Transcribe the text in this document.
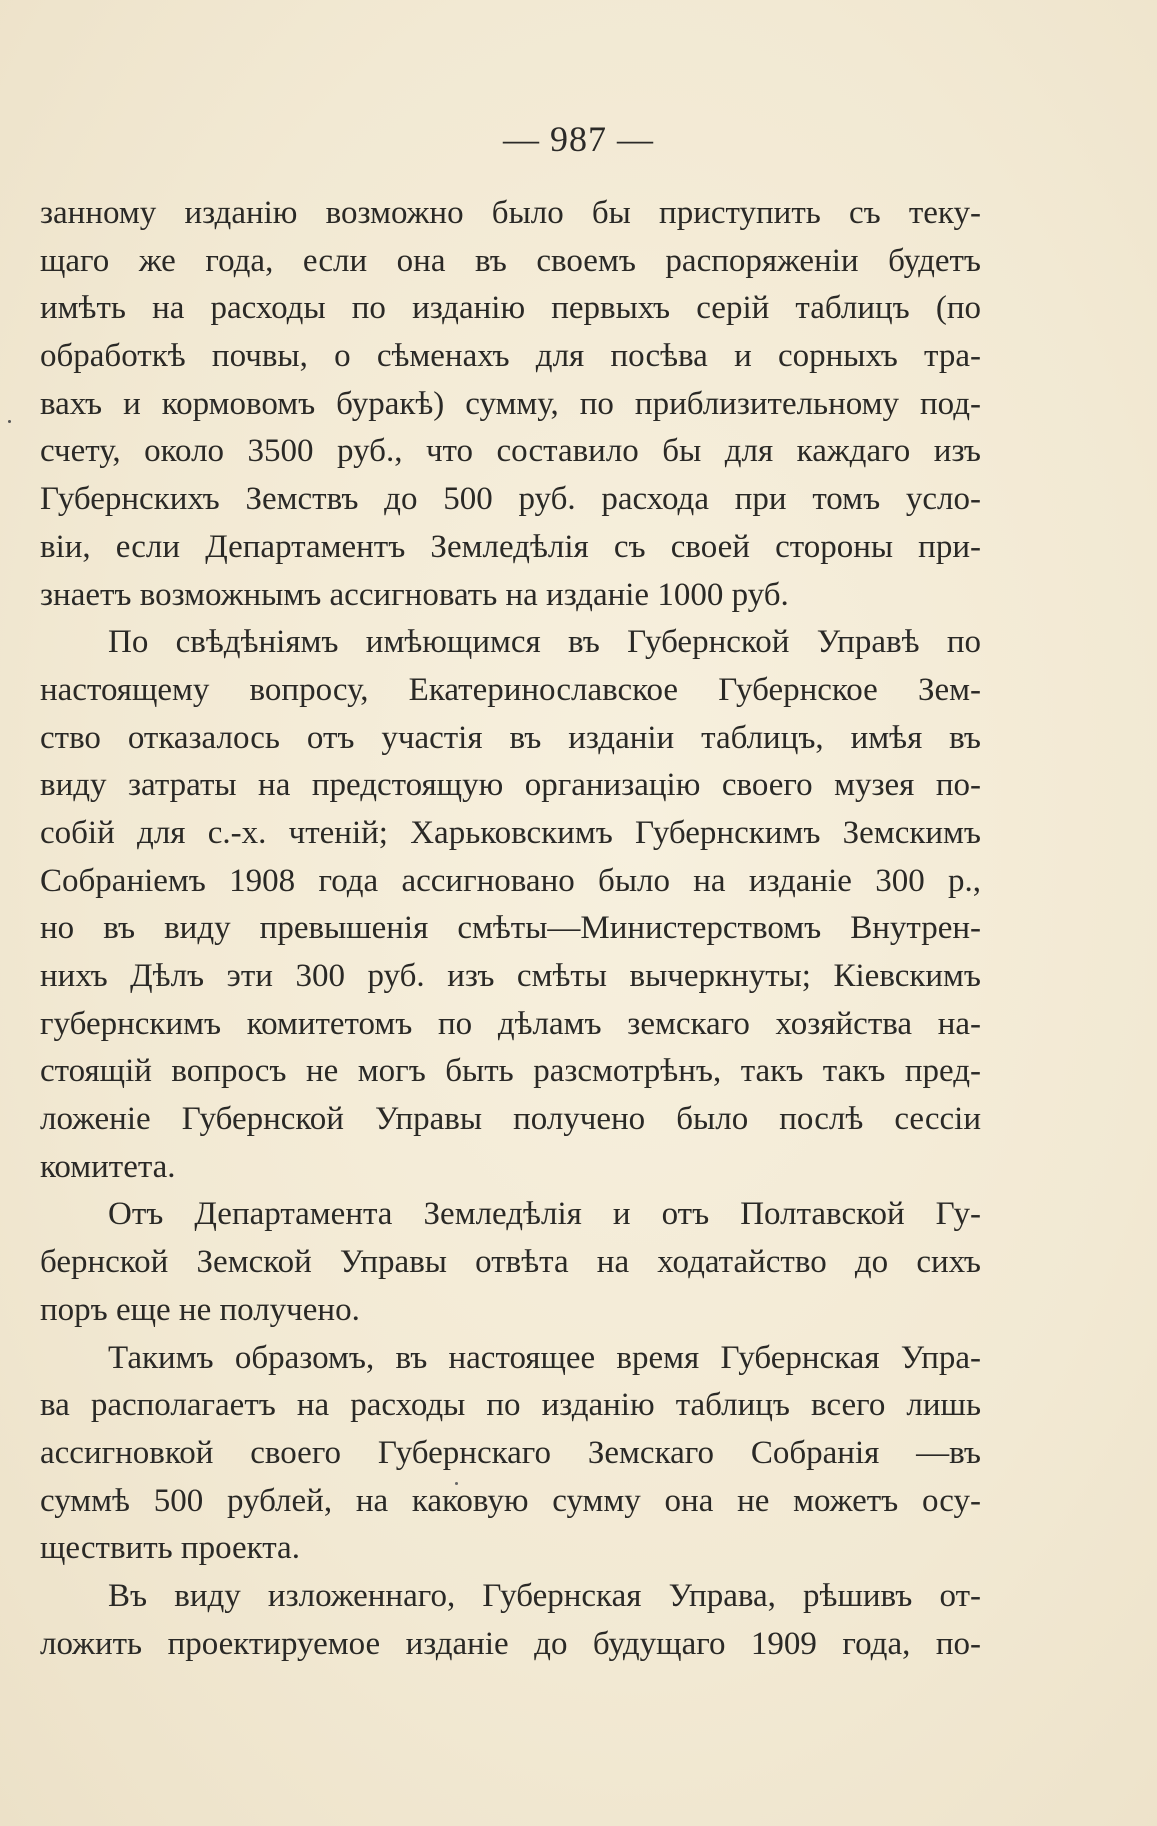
— 987 —
занному изданію возможно было бы приступить съ теку-
щаго же года, если она въ своемъ распоряженіи будетъ
имѣть на расходы по изданію первыхъ серій таблицъ (по
обработкѣ почвы, о сѣменахъ для посѣва и сорныхъ тра-
вахъ и кормовомъ буракѣ) сумму, по приблизительному под-
счету, около 3500 руб., что составило бы для каждаго изъ
Губернскихъ Земствъ до 500 руб. расхода при томъ усло-
віи, если Департаментъ Земледѣлія съ своей стороны при-
знаетъ возможнымъ ассигновать на изданіе 1000 руб.
По свѣдѣніямъ имѣющимся въ Губернской Управѣ по
настоящему вопросу, Екатеринославское Губернское Зем-
ство отказалось отъ участія въ изданіи таблицъ, имѣя въ
виду затраты на предстоящую организацію своего музея по-
собій для с.-х. чтеній; Харьковскимъ Губернскимъ Земскимъ
Собраніемъ 1908 года ассигновано было на изданіе 300 р.,
но въ виду превышенія смѣты—Министерствомъ Внутрен-
нихъ Дѣлъ эти 300 руб. изъ смѣты вычеркнуты; Кіевскимъ
губернскимъ комитетомъ по дѣламъ земскаго хозяйства на-
стоящій вопросъ не могъ быть разсмотрѣнъ, такъ такъ пред-
ложеніе Губернской Управы получено было послѣ сессіи
комитета.
Отъ Департамента Земледѣлія и отъ Полтавской Гу-
бернской Земской Управы отвѣта на ходатайство до сихъ
поръ еще не получено.
Такимъ образомъ, въ настоящее время Губернская Упра-
ва располагаетъ на расходы по изданію таблицъ всего лишь
ассигновкой своего Губернскаго Земскаго Собранія —въ
суммѣ 500 рублей, на каковую сумму она не можетъ осу-
ществить проекта.
Въ виду изложеннаго, Губернская Управа, рѣшивъ от-
ложить проектируемое изданіе до будущаго 1909 года, по-
